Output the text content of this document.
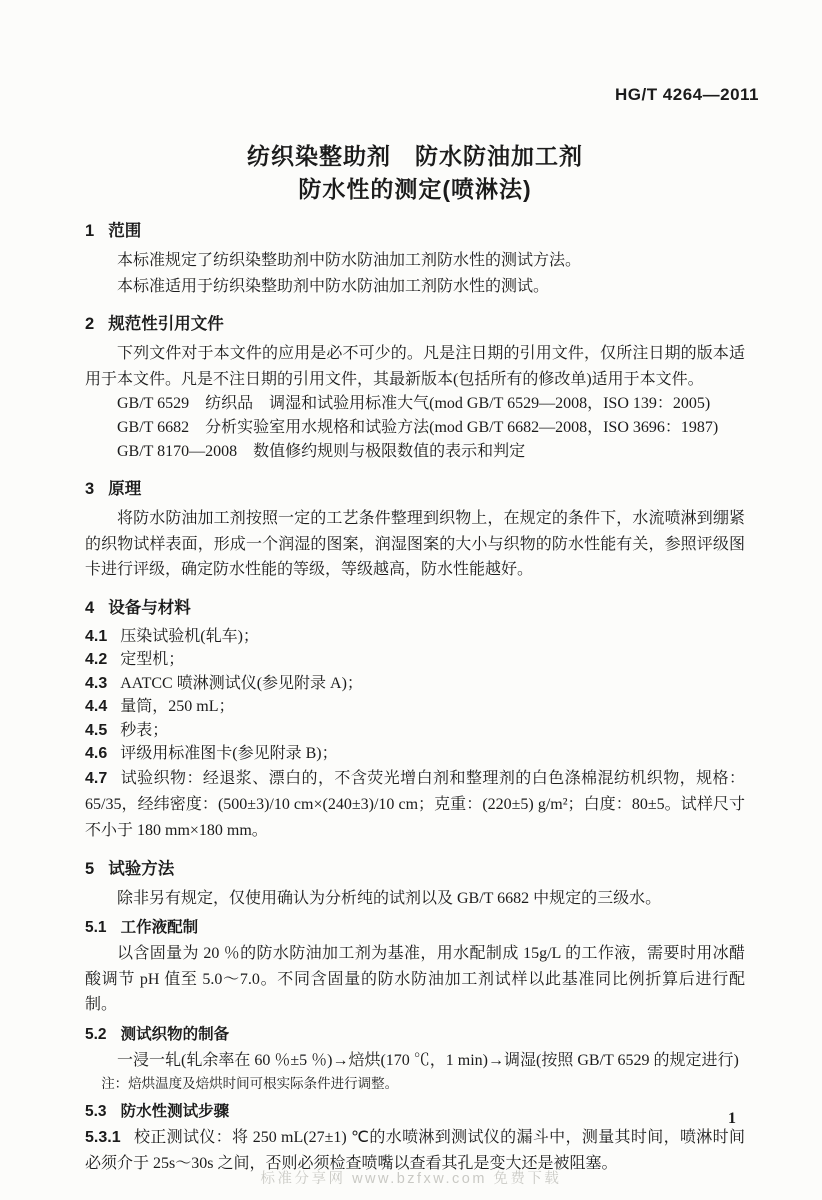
HG/T 4264—2011
纺织染整助剂　防水防油加工剂
防水性的测定(喷淋法)
1 范围

本标准规定了纺织染整助剂中防水防油加工剂防水性的测试方法。

本标准适用于纺织染整助剂中防水防油加工剂防水性的测试。

2 规范性引用文件

下列文件对于本文件的应用是必不可少的。凡是注日期的引用文件，仅所注日期的版本适用于本文件。凡是不注日期的引用文件，其最新版本(包括所有的修改单)适用于本文件。

GB/T 6529　纺织品　调湿和试验用标准大气(mod GB/T 6529—2008，ISO 139：2005)

GB/T 6682　分析实验室用水规格和试验方法(mod GB/T 6682—2008，ISO 3696：1987)

GB/T 8170—2008　数值修约规则与极限数值的表示和判定

3 原理

将防水防油加工剂按照一定的工艺条件整理到织物上，在规定的条件下，水流喷淋到绷紧的织物试样表面，形成一个润湿的图案，润湿图案的大小与织物的防水性能有关，参照评级图卡进行评级，确定防水性能的等级，等级越高，防水性能越好。

4 设备与材料

4.1 压染试验机(轧车)；

4.2 定型机；

4.3 AATCC 喷淋测试仪(参见附录 A)；

4.4 量筒，250 mL；

4.5 秒表；

4.6 评级用标准图卡(参见附录 B)；

4.7 试验织物：经退浆、漂白的，不含荧光增白剂和整理剂的白色涤棉混纺机织物，规格：65/35，经纬密度：(500±3)/10 cm×(240±3)/10 cm；克重：(220±5) g/m²；白度：80±5。试样尺寸不小于 180 mm×180 mm。

5 试验方法

除非另有规定，仅使用确认为分析纯的试剂以及 GB/T 6682 中规定的三级水。

5.1 工作液配制

以含固量为 20 ％的防水防油加工剂为基准，用水配制成 15g/L 的工作液，需要时用冰醋酸调节 pH 值至 5.0～7.0。不同含固量的防水防油加工剂试样以此基准同比例折算后进行配制。

5.2 测试织物的制备

一浸一轧(轧余率在 60 ％±5 ％)→焙烘(170 ℃，1 min)→调湿(按照 GB/T 6529 的规定进行)

注：焙烘温度及焙烘时间可根实际条件进行调整。

5.3 防水性测试步骤

5.3.1 校正测试仪：将 250 mL(27±1) ℃的水喷淋到测试仪的漏斗中，测量其时间，喷淋时间必须介于 25s～30s 之间，否则必须检查喷嘴以查看其孔是变大还是被阻塞。

1
标准分享网 www.bzfxw.com 免费下载
